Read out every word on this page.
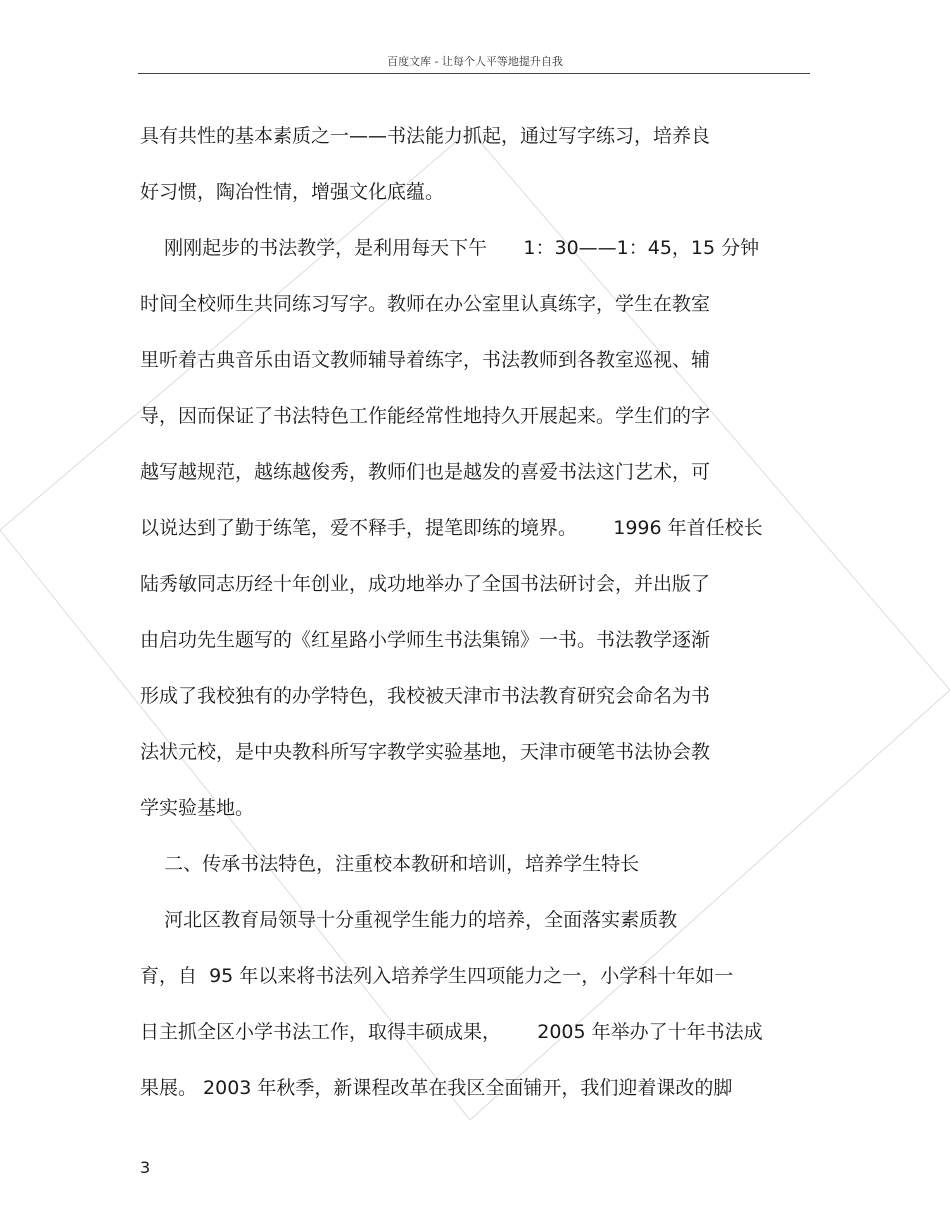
百度文库 - 让每个人平等地提升自我
具有共性的基本素质之一——书法能力抓起，通过写字练习，培养良
好习惯，陶冶性情，增强文化底蕴。
刚刚起步的书法教学，是利用每天下午      1：30——1：45，15 分钟
时间全校师生共同练习写字。教师在办公室里认真练字，学生在教室
里听着古典音乐由语文教师辅导着练字，书法教师到各教室巡视、辅
导，因而保证了书法特色工作能经常性地持久开展起来。学生们的字
越写越规范，越练越俊秀，教师们也是越发的喜爱书法这门艺术，可
以说达到了勤于练笔，爱不释手，提笔即练的境界。      1996 年首任校长
陆秀敏同志历经十年创业，成功地举办了全国书法研讨会，并出版了
由启功先生题写的《红星路小学师生书法集锦》一书。书法教学逐渐
形成了我校独有的办学特色，我校被天津市书法教育研究会命名为书
法状元校，是中央教科所写字教学实验基地，天津市硬笔书法协会教
学实验基地。
二、传承书法特色，注重校本教研和培训，培养学生特长
河北区教育局领导十分重视学生能力的培养，全面落实素质教
育，自  95 年以来将书法列入培养学生四项能力之一，小学科十年如一
日主抓全区小学书法工作，取得丰硕成果，      2005 年举办了十年书法成
果展。 2003 年秋季，新课程改革在我区全面铺开，我们迎着课改的脚
3
